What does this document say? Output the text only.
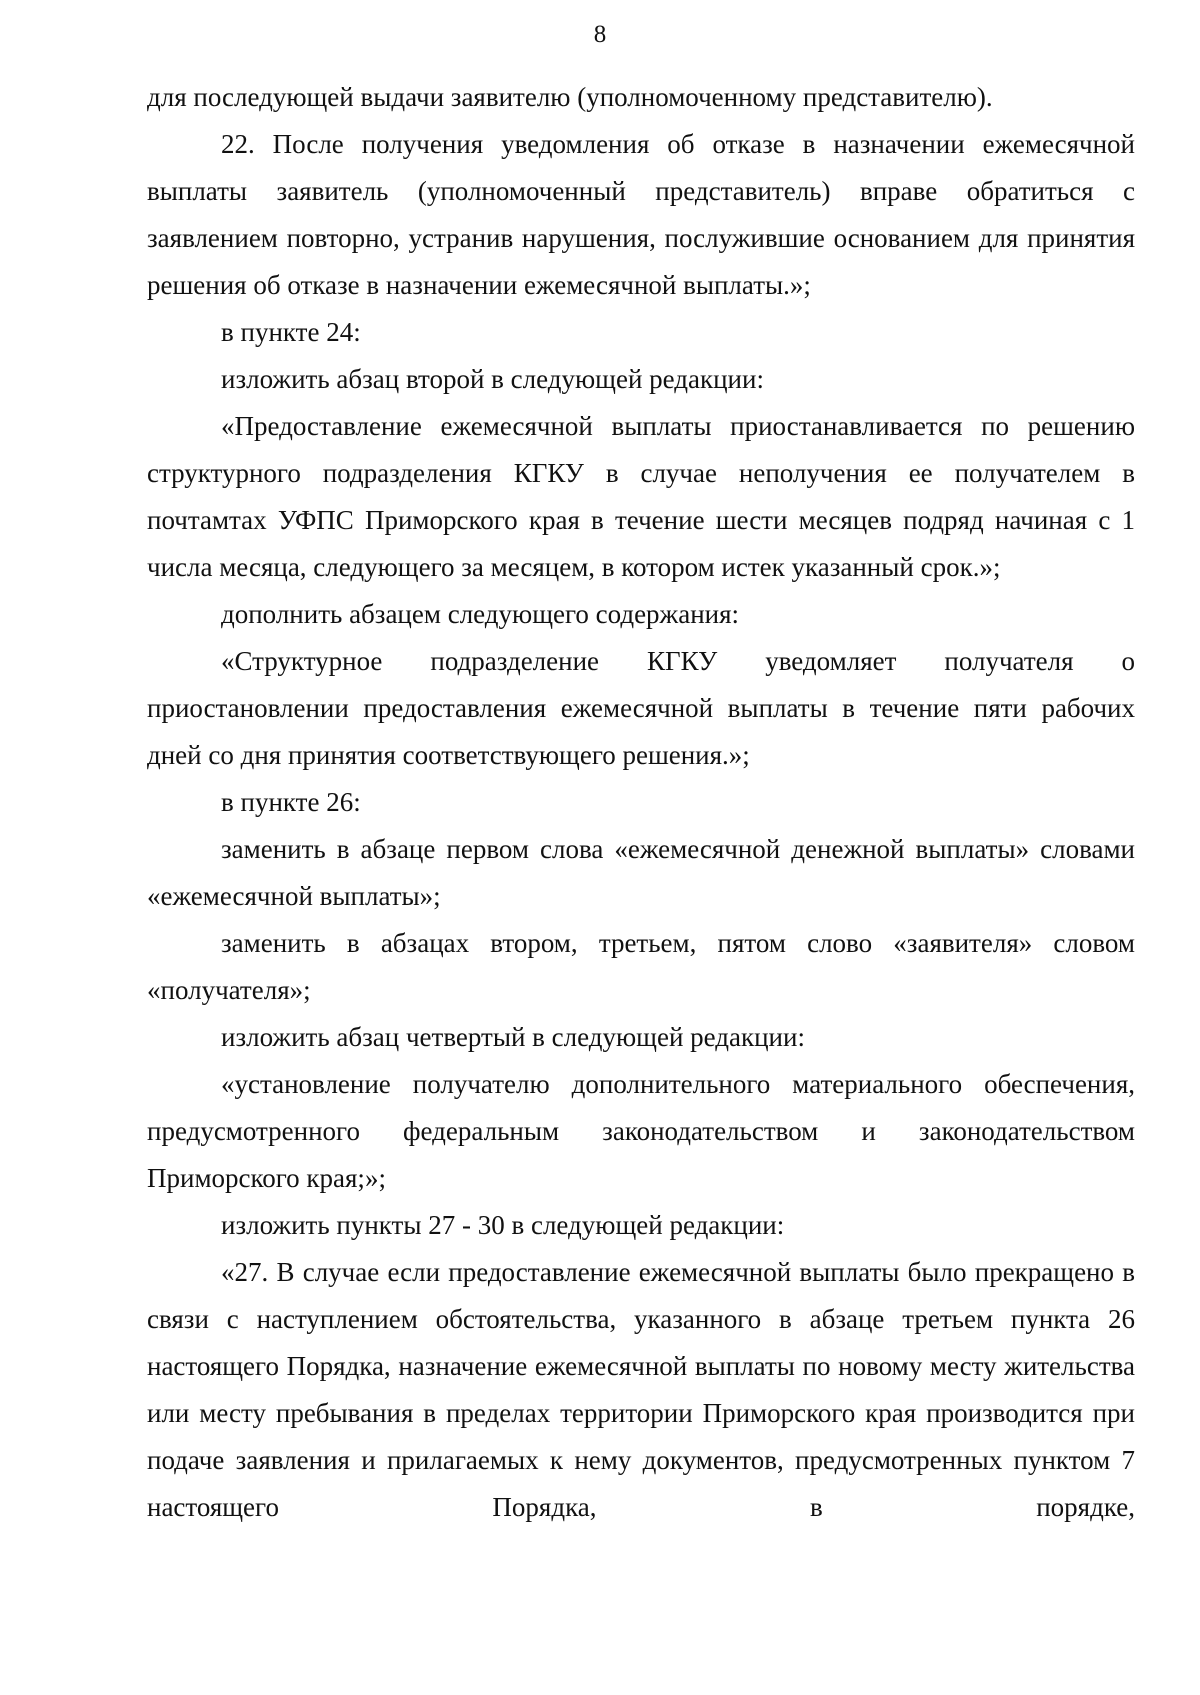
8

для последующей выдачи заявителю (уполномоченному представителю).

22. После получения уведомления об отказе в назначении ежемесячной выплаты заявитель (уполномоченный представитель) вправе обратиться с заявлением повторно, устранив нарушения, послужившие основанием для принятия решения об отказе в назначении ежемесячной выплаты.»;

в пункте 24:

изложить абзац второй в следующей редакции:

«Предоставление ежемесячной выплаты приостанавливается по решению структурного подразделения КГКУ в случае неполучения ее получателем в почтамтах УФПС Приморского края в течение шести месяцев подряд начиная с 1 числа месяца, следующего за месяцем, в котором истек указанный срок.»;

дополнить абзацем следующего содержания:

«Структурное подразделение КГКУ уведомляет получателя о приостановлении предоставления ежемесячной выплаты в течение пяти рабочих дней со дня принятия соответствующего решения.»;

в пункте 26:

заменить в абзаце первом слова «ежемесячной денежной выплаты» словами «ежемесячной выплаты»;

заменить в абзацах втором, третьем, пятом слово «заявителя» словом «получателя»;

изложить абзац четвертый в следующей редакции:

«установление получателю дополнительного материального обеспечения, предусмотренного федеральным законодательством и законодательством Приморского края;»;

изложить пункты 27 - 30 в следующей редакции:

«27. В случае если предоставление ежемесячной выплаты было прекращено в связи с наступлением обстоятельства, указанного в абзаце третьем пункта 26 настоящего Порядка, назначение ежемесячной выплаты по новому месту жительства или месту пребывания в пределах территории Приморского края производится при подаче заявления и прилагаемых к нему документов, предусмотренных пунктом 7 настоящего Порядка, в порядке,
